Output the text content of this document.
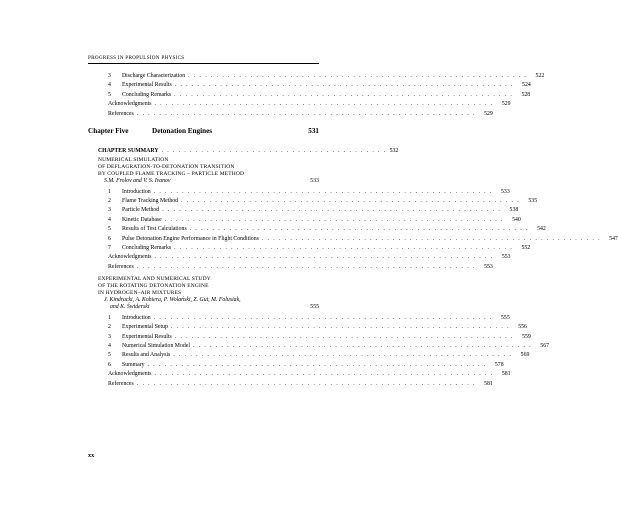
PROGRESS IN PROPULSION PHYSICS
3	Discharge Characterization . . . . . . . . . . . . . . . . . . . . . . . . . . . . . . . . . . . . . . . . . . . . . . . . . . . . . . . . . . . .	522
4	Experimental Results . . . . . . . . . . . . . . . . . . . . . . . . . . . . . . . . . . . . . . . . . . . . . . . . . . . . . . . . . . . .	524
5	Concluding Remarks . . . . . . . . . . . . . . . . . . . . . . . . . . . . . . . . . . . . . . . . . . . . . . . . . . . . . . . . . . . .	528
Acknowledgments . . . . . . . . . . . . . . . . . . . . . . . . . . . . . . . . . . . . . . . . . . . . . . . . . . . . . . . . . . . .	529
References . . . . . . . . . . . . . . . . . . . . . . . . . . . . . . . . . . . . . . . . . . . . . . . . . . . . . . . . . . . .	529
Chapter Five	Detonation Engines	531
CHAPTER SUMMARY . . . . . . . . . . . . . . . . . . . . . . . . . . . . . . . . . . . . . . . . 532
NUMERICAL SIMULATION
OF DEFLAGRATION-TO-DETONATION TRANSITION
BY COUPLED FLAME TRACKING – PARTICLE METHOD
S.M. Frolov and V. S. Ivanov	533
1	Introduction . . . . . . . . . . . . . . . . . . . . . . . . . . . . . . . . . . . . . . . . . . . . . . . . . . . . . . . . . . . .	533
2	Flame Tracking Method . . . . . . . . . . . . . . . . . . . . . . . . . . . . . . . . . . . . . . . . . . . . . . . . . . . . . . . . . . . .	535
3	Particle Method . . . . . . . . . . . . . . . . . . . . . . . . . . . . . . . . . . . . . . . . . . . . . . . . . . . . . . . . . . . .	538
4	Kinetic Database . . . . . . . . . . . . . . . . . . . . . . . . . . . . . . . . . . . . . . . . . . . . . . . . . . . . . . . . . . . .	540
5	Results of Test Calculations . . . . . . . . . . . . . . . . . . . . . . . . . . . . . . . . . . . . . . . . . . . . . . . . . . . . . . . . . . . .	542
6	Pulse Detonation Engine Performance in Flight Conditions . . . . . . . . . . . . . . . . . . . . . . . . . . . . . . . . . . . . . . . . . . . . . . . . . . . . . . . . . . . .	547
7	Concluding Remarks . . . . . . . . . . . . . . . . . . . . . . . . . . . . . . . . . . . . . . . . . . . . . . . . . . . . . . . . . . . .	552
Acknowledgments . . . . . . . . . . . . . . . . . . . . . . . . . . . . . . . . . . . . . . . . . . . . . . . . . . . . . . . . . . . .	553
References . . . . . . . . . . . . . . . . . . . . . . . . . . . . . . . . . . . . . . . . . . . . . . . . . . . . . . . . . . . .	553
EXPERIMENTAL AND NUMERICAL STUDY
OF THE ROTATING DETONATION ENGINE
IN HYDROGEN–AIR MIXTURES
J. Kindracki, A. Kobiera, P. Wolański, Z. Gut, M. Folusiak,
and K. Świderski	555
1	Introduction . . . . . . . . . . . . . . . . . . . . . . . . . . . . . . . . . . . . . . . . . . . . . . . . . . . . . . . . . . . .	555
2	Experimental Setup . . . . . . . . . . . . . . . . . . . . . . . . . . . . . . . . . . . . . . . . . . . . . . . . . . . . . . . . . . . .	556
3	Experimental Results . . . . . . . . . . . . . . . . . . . . . . . . . . . . . . . . . . . . . . . . . . . . . . . . . . . . . . . . . . . .	559
4	Numerical Simulation Model . . . . . . . . . . . . . . . . . . . . . . . . . . . . . . . . . . . . . . . . . . . . . . . . . . . . . . . . . . . .	567
5	Results and Analysis . . . . . . . . . . . . . . . . . . . . . . . . . . . . . . . . . . . . . . . . . . . . . . . . . . . . . . . . . . . .	569
6	Summary . . . . . . . . . . . . . . . . . . . . . . . . . . . . . . . . . . . . . . . . . . . . . . . . . . . . . . . . . . . .	578
Acknowledgments . . . . . . . . . . . . . . . . . . . . . . . . . . . . . . . . . . . . . . . . . . . . . . . . . . . . . . . . . . . .	581
References . . . . . . . . . . . . . . . . . . . . . . . . . . . . . . . . . . . . . . . . . . . . . . . . . . . . . . . . . . . .	581
xx
